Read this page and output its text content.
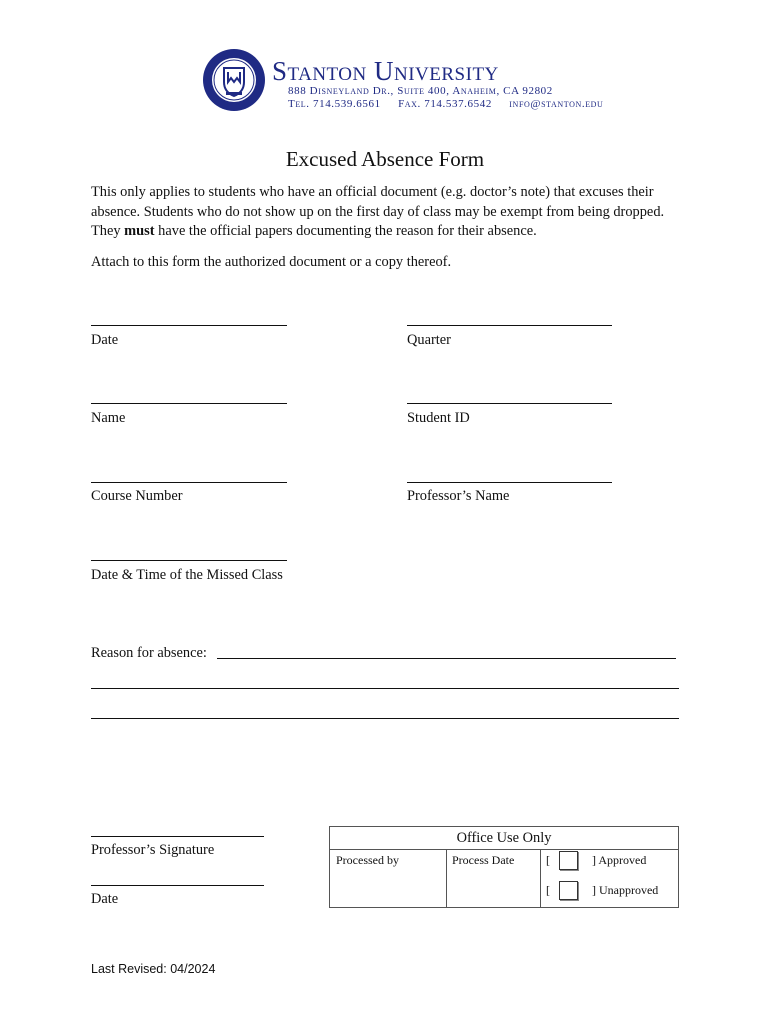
Stanton University
888 Disneyland Dr., Suite 400, Anaheim, CA 92802
Tel. 714.539.6561 Fax. 714.537.6542 info@stanton.edu
Excused Absence Form
This only applies to students who have an official document (e.g. doctor’s note) that excuses their absence. Students who do not show up on the first day of class may be exempt from being dropped. They must have the official papers documenting the reason for their absence.
Attach to this form the authorized document or a copy thereof.
Date	Quarter
Name	Student ID
Course Number	Professor’s Name
Date & Time of the Missed Class
Reason for absence:
Professor’s Signature
Date
Office Use Only
Processed by	Process Date	[	] Approved
[	] Unapproved
Last Revised: 04/2024
